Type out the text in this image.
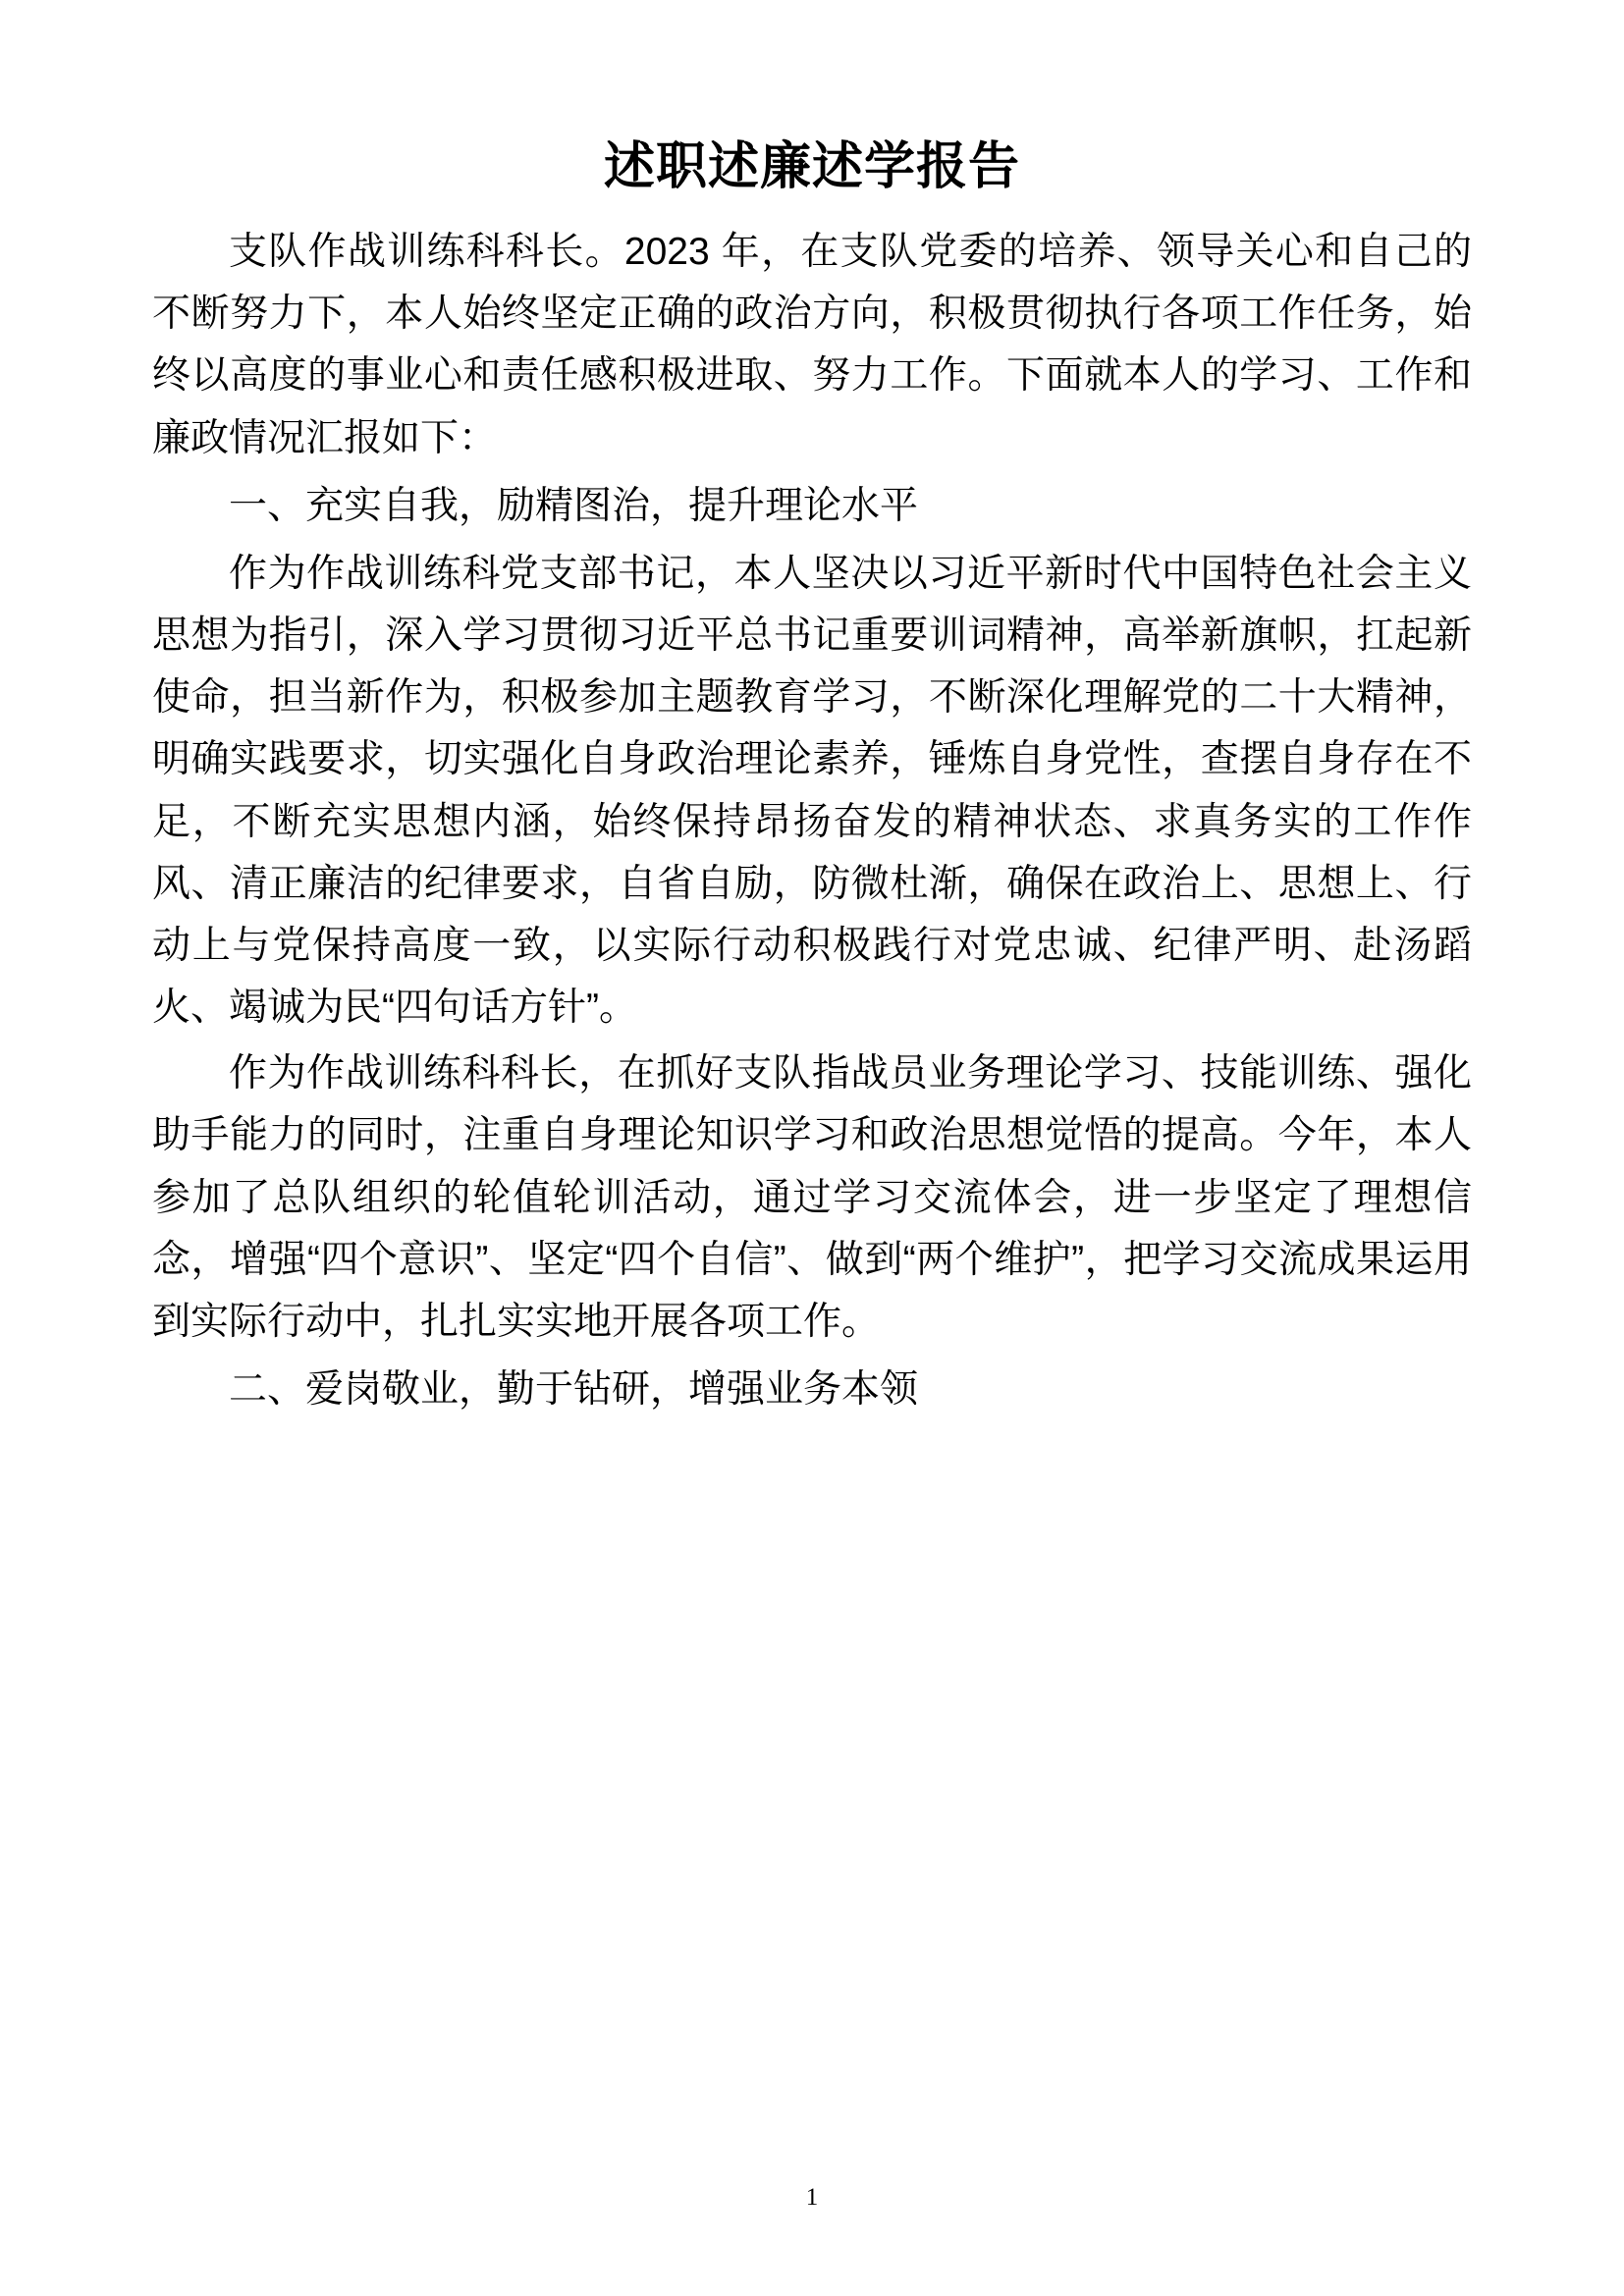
述职述廉述学报告

支队作战训练科科长。2023 年，在支队党委的培养、领导关心和自己的不断努力下，本人始终坚定正确的政治方向，积极贯彻执行各项工作任务，始终以高度的事业心和责任感积极进取、努力工作。下面就本人的学习、工作和廉政情况汇报如下：

一、充实自我，励精图治，提升理论水平

作为作战训练科党支部书记，本人坚决以习近平新时代中国特色社会主义思想为指引，深入学习贯彻习近平总书记重要训词精神，高举新旗帜，扛起新使命，担当新作为，积极参加主题教育学习，不断深化理解党的二十大精神，明确实践要求，切实强化自身政治理论素养，锤炼自身党性，查摆自身存在不足，不断充实思想内涵，始终保持昂扬奋发的精神状态、求真务实的工作作风、清正廉洁的纪律要求，自省自励，防微杜渐，确保在政治上、思想上、行动上与党保持高度一致，以实际行动积极践行对党忠诚、纪律严明、赴汤蹈火、竭诚为民“四句话方针”。

作为作战训练科科长，在抓好支队指战员业务理论学习、技能训练、强化助手能力的同时，注重自身理论知识学习和政治思想觉悟的提高。今年，本人参加了总队组织的轮值轮训活动，通过学习交流体会，进一步坚定了理想信念，增强“四个意识”、坚定“四个自信”、做到“两个维护”，把学习交流成果运用到实际行动中，扎扎实实地开展各项工作。

二、爱岗敬业，勤于钻研，增强业务本领

1
